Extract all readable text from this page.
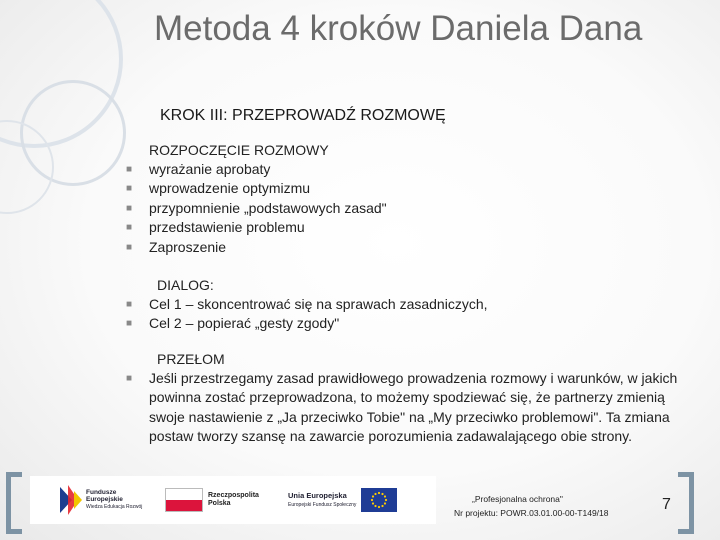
Metoda 4 kroków Daniela Dana
KROK III: PRZEPROWADŹ ROZMOWĘ
ROZPOCZĘCIE ROZMOWY
■ wyrażanie aprobaty
■ wprowadzenie optymizmu
■ przypomnienie „podstawowych zasad"
■ przedstawienie problemu
■ Zaproszenie
DIALOG:
■ Cel 1 – skoncentrować się na sprawach zasadniczych,
■ Cel 2 – popierać „gesty zgody"
PRZEŁOM
■ Jeśli przestrzegamy zasad prawidłowego prowadzenia rozmowy i warunków, w jakich powinna zostać przeprowadzona, to możemy spodziewać się, że partnerzy zmienią swoje nastawienie z „Ja przeciwko Tobie" na „My przeciwko problemowi". Ta zmiana postaw tworzy szansę na zawarcie porozumienia zadawalającego obie strony.
Fundusze
Europejskie
Wiedza Edukacja Rozwój
Rzeczpospolita
Polska
Unia Europejska
Europejski Fundusz Społeczny
„Profesjonalna ochrona"
Nr projektu: POWR.03.01.00-00-T149/18	7
